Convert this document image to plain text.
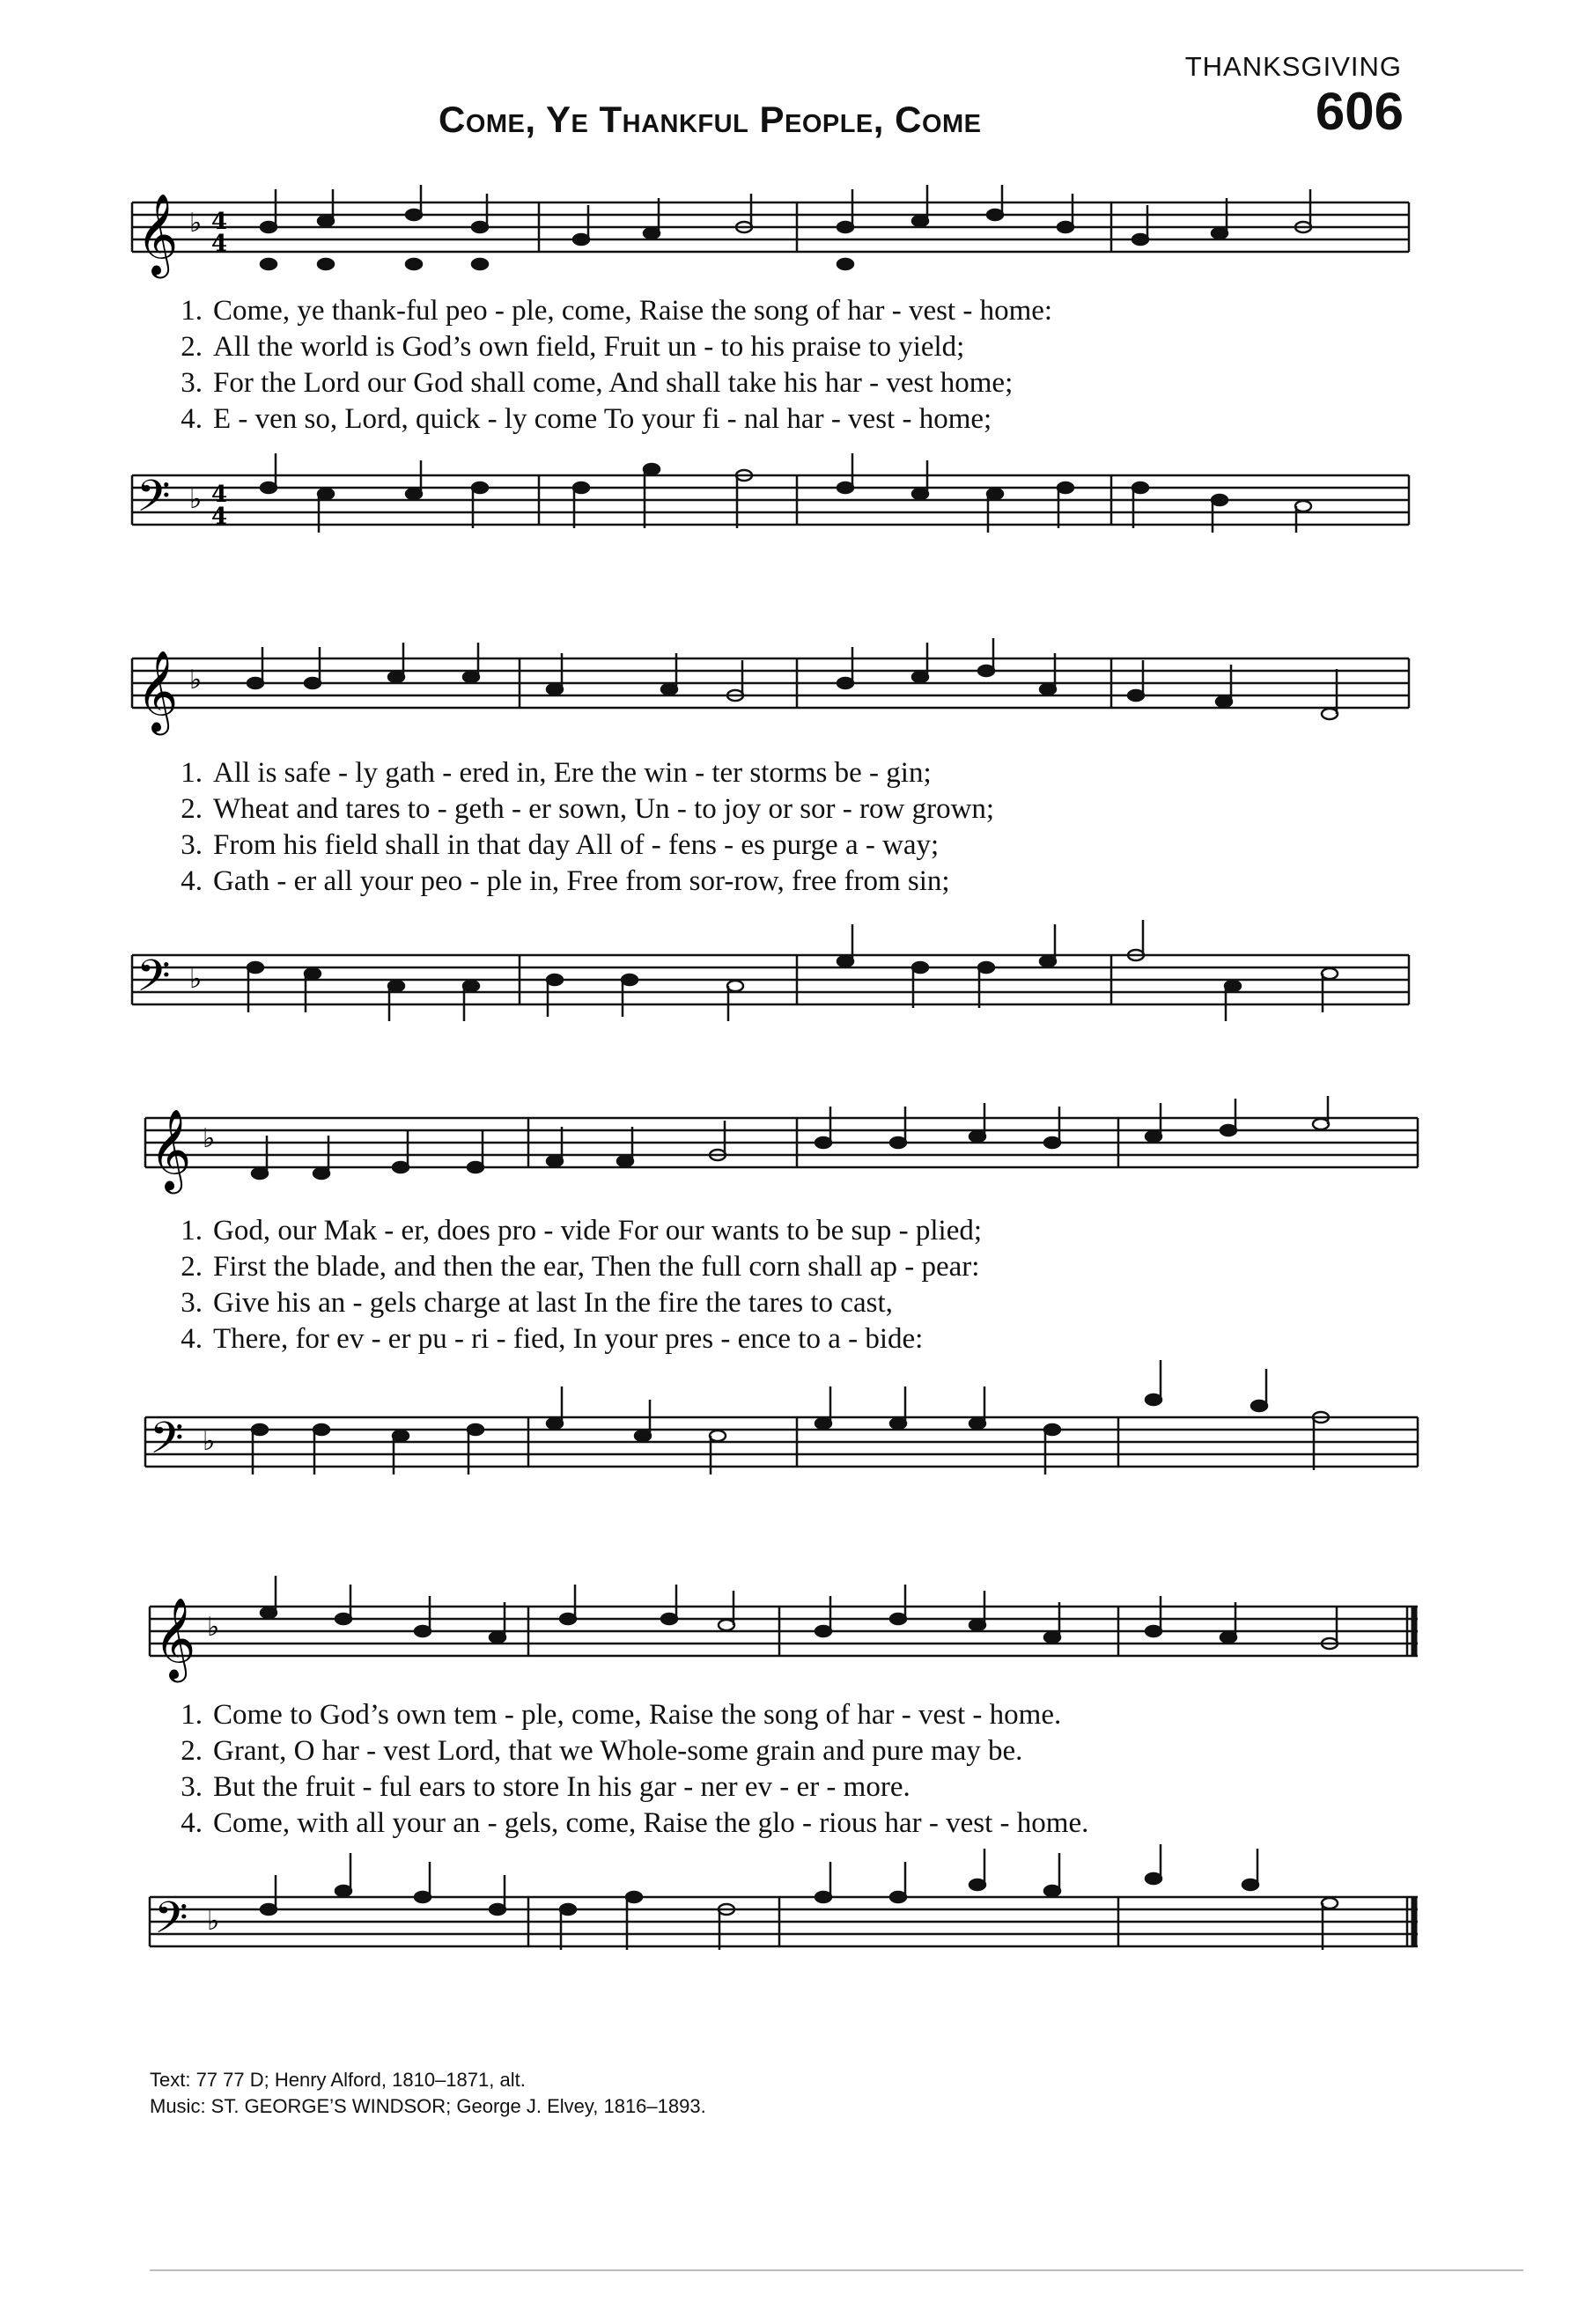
THANKSGIVING
Come, Ye Thankful People, Come	606
𝄞 ♭ 4
4
𝄢 ♭ 4
4
1. Come, ye thank-ful peo - ple, come, Raise the song of har - vest - home:
2. All the world is God’s own field, Fruit un - to his praise to yield;
3. For the Lord our God shall come, And shall take his har - vest home;
4. E - ven so, Lord, quick - ly come To your fi - nal har - vest - home;
𝄞 ♭
𝄢 ♭
1. All is safe - ly gath - ered in, Ere the win - ter storms be - gin;
2. Wheat and tares to - geth - er sown, Un - to joy or sor - row grown;
3. From his field shall in that day All of - fens - es purge a - way;
4. Gath - er all your peo - ple in, Free from sor-row, free from sin;
𝄞 ♭
𝄢 ♭
1. God, our Mak - er, does pro - vide For our wants to be sup - plied;
2. First the blade, and then the ear, Then the full corn shall ap - pear:
3. Give his an - gels charge at last In the fire the tares to cast,
4. There, for ev - er pu - ri - fied, In your pres - ence to a - bide:
𝄞 ♭
𝄢 ♭
1. Come to God’s own tem - ple, come, Raise the song of har - vest - home.
2. Grant, O har - vest Lord, that we Whole-some grain and pure may be.
3. But the fruit - ful ears to store In his gar - ner ev - er - more.
4. Come, with all your an - gels, come, Raise the glo - rious har - vest - home.
Text: 77 77 D; Henry Alford, 1810–1871, alt.
Music: ST. GEORGE’S WINDSOR; George J. Elvey, 1816–1893.
